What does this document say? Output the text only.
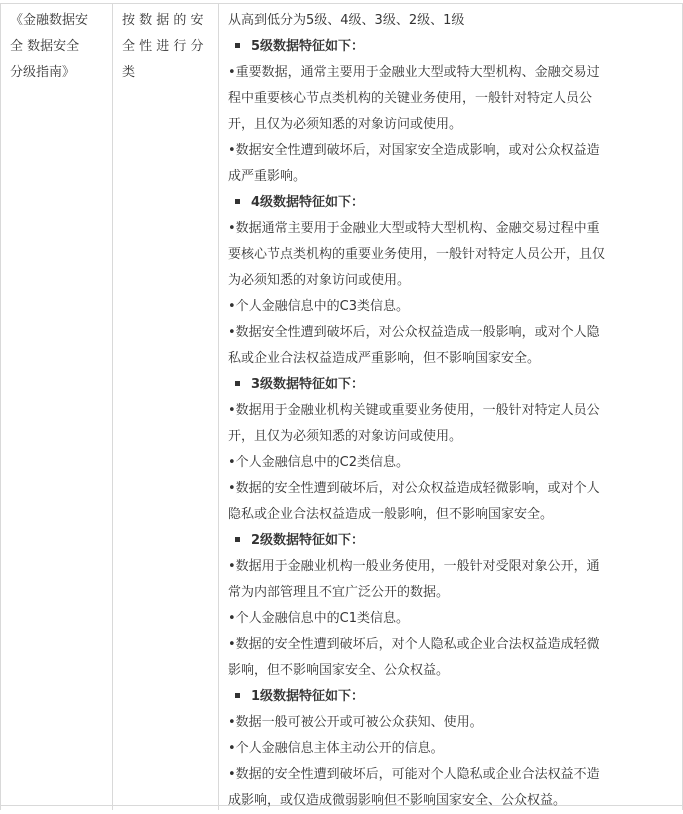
《金融数据安
全 数据安全
分级指南》
按 数 据 的 安
全 性 进 行 分
类

从高到低分为5级、4级、3级、2级、1级

5级数据特征如下：

•重要数据，通常主要用于金融业大型或特大型机构、金融交易过

程中重要核心节点类机构的关键业务使用，一般针对特定人员公

开，且仅为必须知悉的对象访问或使用。

•数据安全性遭到破坏后，对国家安全造成影响，或对公众权益造

成严重影响。

4级数据特征如下：

•数据通常主要用于金融业大型或特大型机构、金融交易过程中重

要核心节点类机构的重要业务使用，一般针对特定人员公开，且仅

为必须知悉的对象访问或使用。

•个人金融信息中的C3类信息。

•数据安全性遭到破坏后，对公众权益造成一般影响，或对个人隐

私或企业合法权益造成严重影响，但不影响国家安全。

3级数据特征如下：

•数据用于金融业机构关键或重要业务使用，一般针对特定人员公

开，且仅为必须知悉的对象访问或使用。

•个人金融信息中的C2类信息。

•数据的安全性遭到破坏后，对公众权益造成轻微影响，或对个人

隐私或企业合法权益造成一般影响，但不影响国家安全。

2级数据特征如下：

•数据用于金融业机构一般业务使用，一般针对受限对象公开，通

常为内部管理且不宜广泛公开的数据。

•个人金融信息中的C1类信息。

•数据的安全性遭到破坏后，对个人隐私或企业合法权益造成轻微

影响，但不影响国家安全、公众权益。

1级数据特征如下：

•数据一般可被公开或可被公众获知、使用。

•个人金融信息主体主动公开的信息。

•数据的安全性遭到破坏后，可能对个人隐私或企业合法权益不造

成影响，或仅造成微弱影响但不影响国家安全、公众权益。
